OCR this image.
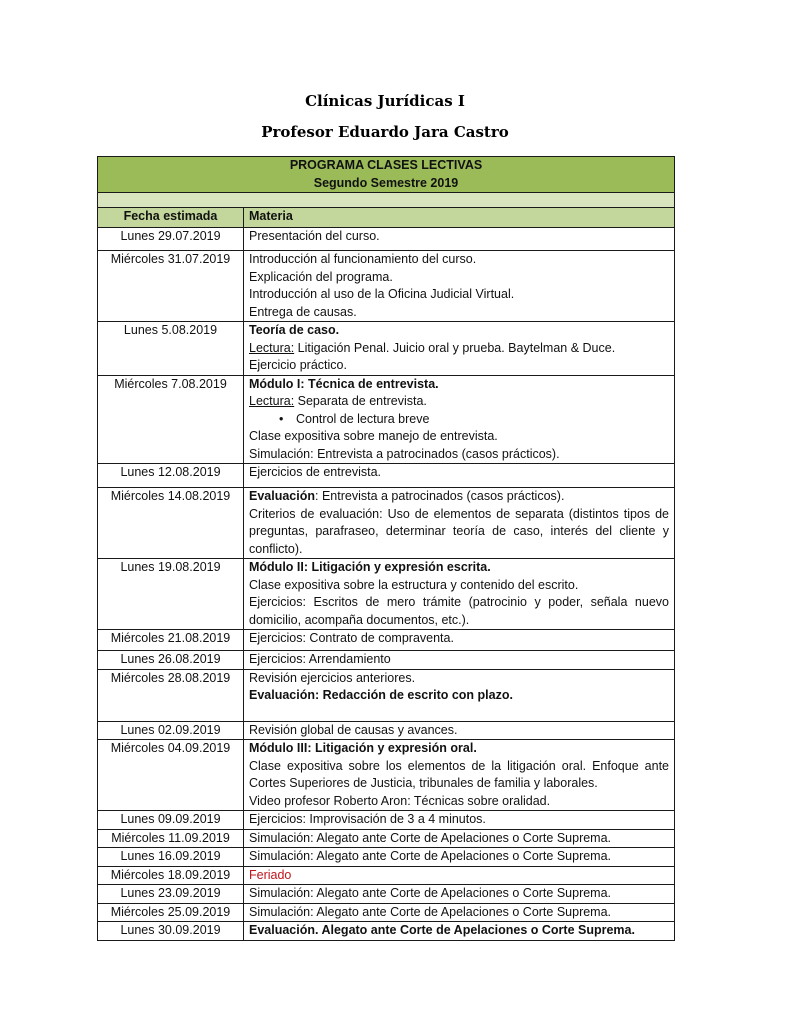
Clínicas Jurídicas I
Profesor Eduardo Jara Castro
PROGRAMA CLASES LECTIVAS
Segundo Semestre 2019	

Fecha estimada	Materia
Lunes 29.07.2019	Presentación del curso.

Miércoles 31.07.2019	Introducción al funcionamiento del curso.
Explicación del programa.
Introducción al uso de la Oficina Judicial Virtual.
Entrega de causas.

Lunes 5.08.2019	Teoría de caso.
Lectura: Litigación Penal. Juicio oral y prueba. Baytelman & Duce.
Ejercicio práctico.

Miércoles 7.08.2019	Módulo I: Técnica de entrevista.
Lectura: Separata de entrevista.
• Control de lectura breve
Clase expositiva sobre manejo de entrevista.
Simulación: Entrevista a patrocinados (casos prácticos).

Lunes 12.08.2019	Ejercicios de entrevista.

Miércoles 14.08.2019	Evaluación: Entrevista a patrocinados (casos prácticos).
Criterios de evaluación: Uso de elementos de separata (distintos tipos de preguntas, parafraseo, determinar teoría de caso, interés del cliente y conflicto).

Lunes 19.08.2019	Módulo II: Litigación y expresión escrita.
Clase expositiva sobre la estructura y contenido del escrito.
Ejercicios: Escritos de mero trámite (patrocinio y poder, señala nuevo domicilio, acompaña documentos, etc.).

Miércoles 21.08.2019	Ejercicios: Contrato de compraventa.

Lunes 26.08.2019	Ejercicios: Arrendamiento

Miércoles 28.08.2019	Revisión ejercicios anteriores.
Evaluación: Redacción de escrito con plazo.

Lunes 02.09.2019	Revisión global de causas y avances.

Miércoles 04.09.2019	Módulo III: Litigación y expresión oral.
Clase expositiva sobre los elementos de la litigación oral. Enfoque ante Cortes Superiores de Justicia, tribunales de familia y laborales.
Video profesor Roberto Aron: Técnicas sobre oralidad.

Lunes 09.09.2019	Ejercicios: Improvisación de 3 a 4 minutos.

Miércoles 11.09.2019	Simulación: Alegato ante Corte de Apelaciones o Corte Suprema.

Lunes 16.09.2019	Simulación: Alegato ante Corte de Apelaciones o Corte Suprema.

Miércoles 18.09.2019	Feriado

Lunes 23.09.2019	Simulación: Alegato ante Corte de Apelaciones o Corte Suprema.

Miércoles 25.09.2019	Simulación: Alegato ante Corte de Apelaciones o Corte Suprema.

Lunes 30.09.2019	Evaluación. Alegato ante Corte de Apelaciones o Corte Suprema.
